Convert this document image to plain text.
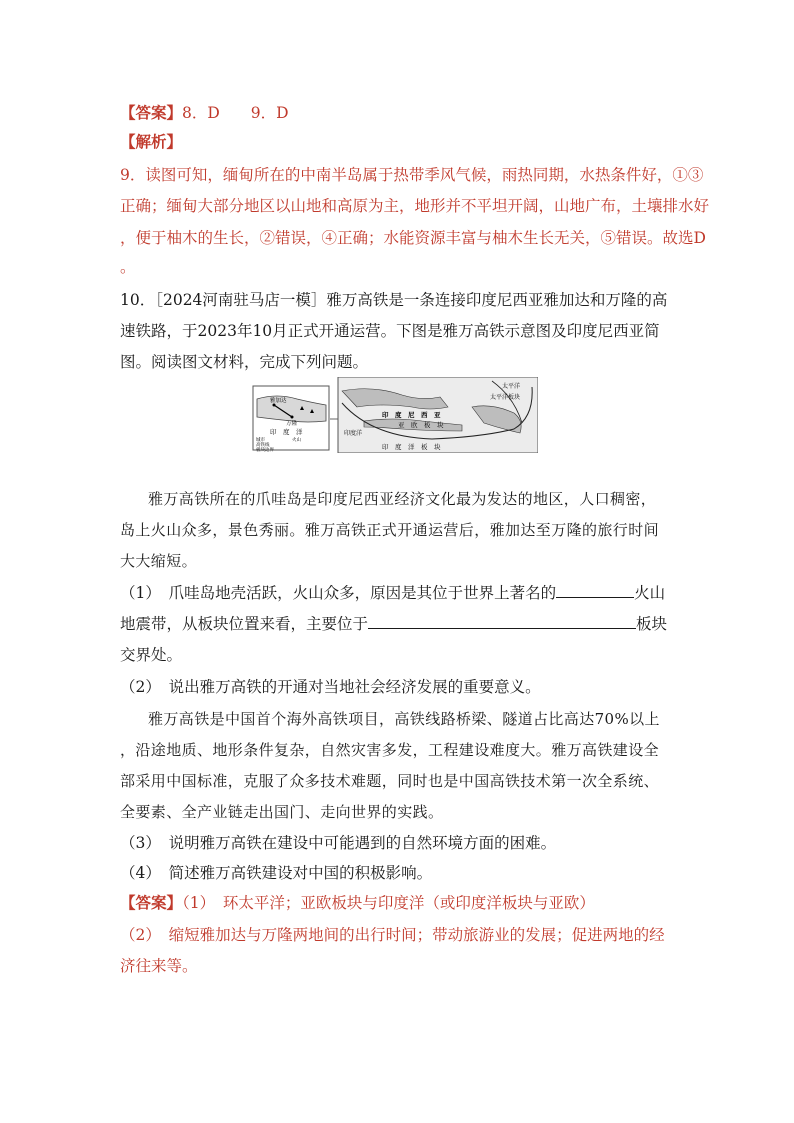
【答案】8．D　　9．D
【解析】
9．读图可知，缅甸所在的中南半岛属于热带季风气候，雨热同期，水热条件好，①③
正确；缅甸大部分地区以山地和高原为主，地形并不平坦开阔，山地广布，土壤排水好
，便于柚木的生长，②错误，④正确；水能资源丰富与柚木生长无关，⑤错误。故选D
。
10．［2024河南驻马店一模］雅万高铁是一条连接印度尼西亚雅加达和万隆的高
速铁路，于2023年10月正式开通运营。下图是雅万高铁示意图及印度尼西亚简
图。阅读图文材料，完成下列问题。
雅加达
万隆
印　度　洋
城市	火山
高铁线
板块边界
太平洋
太平洋板块
印　度　尼　西　亚
亚　欧　板　块
印度洋
印　度　洋　板　块
雅万高铁所在的爪哇岛是印度尼西亚经济文化最为发达的地区，人口稠密，
岛上火山众多，景色秀丽。雅万高铁正式开通运营后，雅加达至万隆的旅行时间
大大缩短。
（1）　爪哇岛地壳活跃，火山众多，原因是其位于世界上著名的	火山
地震带，从板块位置来看，主要位于	板块
交界处。
（2）　说出雅万高铁的开通对当地社会经济发展的重要意义。
雅万高铁是中国首个海外高铁项目，高铁线路桥梁、隧道占比高达70%以上
，沿途地质、地形条件复杂，自然灾害多发，工程建设难度大。雅万高铁建设全
部采用中国标准，克服了众多技术难题，同时也是中国高铁技术第一次全系统、
全要素、全产业链走出国门、走向世界的实践。
（3）　说明雅万高铁在建设中可能遇到的自然环境方面的困难。
（4）　简述雅万高铁建设对中国的积极影响。
【答案】（1）　环太平洋；亚欧板块与印度洋（或印度洋板块与亚欧）
（2）　缩短雅加达与万隆两地间的出行时间；带动旅游业的发展；促进两地的经
济往来等。
